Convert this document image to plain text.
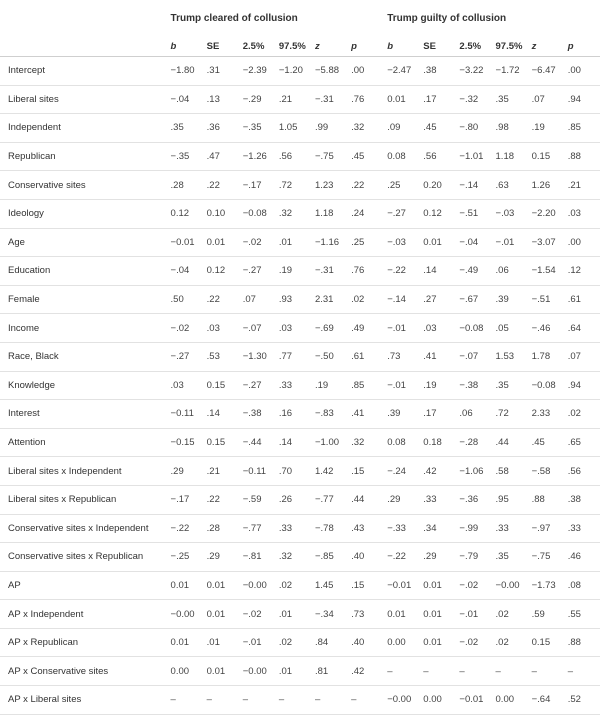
	Trump cleared of collusion						Trump guilty of collusion					
	b	SE	2.5%	97.5%	z	p	b	SE	2.5%	97.5%	z	p
Intercept	−1.80	.31	−2.39	−1.20	−5.88	.00	−2.47	.38	−3.22	−1.72	−6.47	.00
Liberal sites	−.04	.13	−.29	.21	−.31	.76	0.01	.17	−.32	.35	.07	.94
Independent	.35	.36	−.35	1.05	.99	.32	.09	.45	−.80	.98	.19	.85
Republican	−.35	.47	−1.26	.56	−.75	.45	0.08	.56	−1.01	1.18	0.15	.88
Conservative sites	.28	.22	−.17	.72	1.23	.22	.25	0.20	−.14	.63	1.26	.21
Ideology	0.12	0.10	−0.08	.32	1.18	.24	−.27	0.12	−.51	−.03	−2.20	.03
Age	−0.01	0.01	−.02	.01	−1.16	.25	−.03	0.01	−.04	−.01	−3.07	.00
Education	−.04	0.12	−.27	.19	−.31	.76	−.22	.14	−.49	.06	−1.54	.12
Female	.50	.22	.07	.93	2.31	.02	−.14	.27	−.67	.39	−.51	.61
Income	−.02	.03	−.07	.03	−.69	.49	−.01	.03	−0.08	.05	−.46	.64
Race, Black	−.27	.53	−1.30	.77	−.50	.61	.73	.41	−.07	1.53	1.78	.07
Knowledge	.03	0.15	−.27	.33	.19	.85	−.01	.19	−.38	.35	−0.08	.94
Interest	−0.11	.14	−.38	.16	−.83	.41	.39	.17	.06	.72	2.33	.02
Attention	−0.15	0.15	−.44	.14	−1.00	.32	0.08	0.18	−.28	.44	.45	.65
Liberal sites x Independent	.29	.21	−0.11	.70	1.42	.15	−.24	.42	−1.06	.58	−.58	.56
Liberal sites x Republican	−.17	.22	−.59	.26	−.77	.44	.29	.33	−.36	.95	.88	.38
Conservative sites x Independent	−.22	.28	−.77	.33	−.78	.43	−.33	.34	−.99	.33	−.97	.33
Conservative sites x Republican	−.25	.29	−.81	.32	−.85	.40	−.22	.29	−.79	.35	−.75	.46
AP	0.01	0.01	−0.00	.02	1.45	.15	−0.01	0.01	−.02	−0.00	−1.73	.08
AP x Independent	−0.00	0.01	−.02	.01	−.34	.73	0.01	0.01	−.01	.02	.59	.55
AP x Republican	0.01	.01	−.01	.02	.84	.40	0.00	0.01	−.02	.02	0.15	.88
AP x Conservative sites	0.00	0.01	−0.00	.01	.81	.42	–	–	–	–	–	–
AP x Liberal sites	–	–	–	–	–	–	−0.00	0.00	−0.01	0.00	−.64	.52
